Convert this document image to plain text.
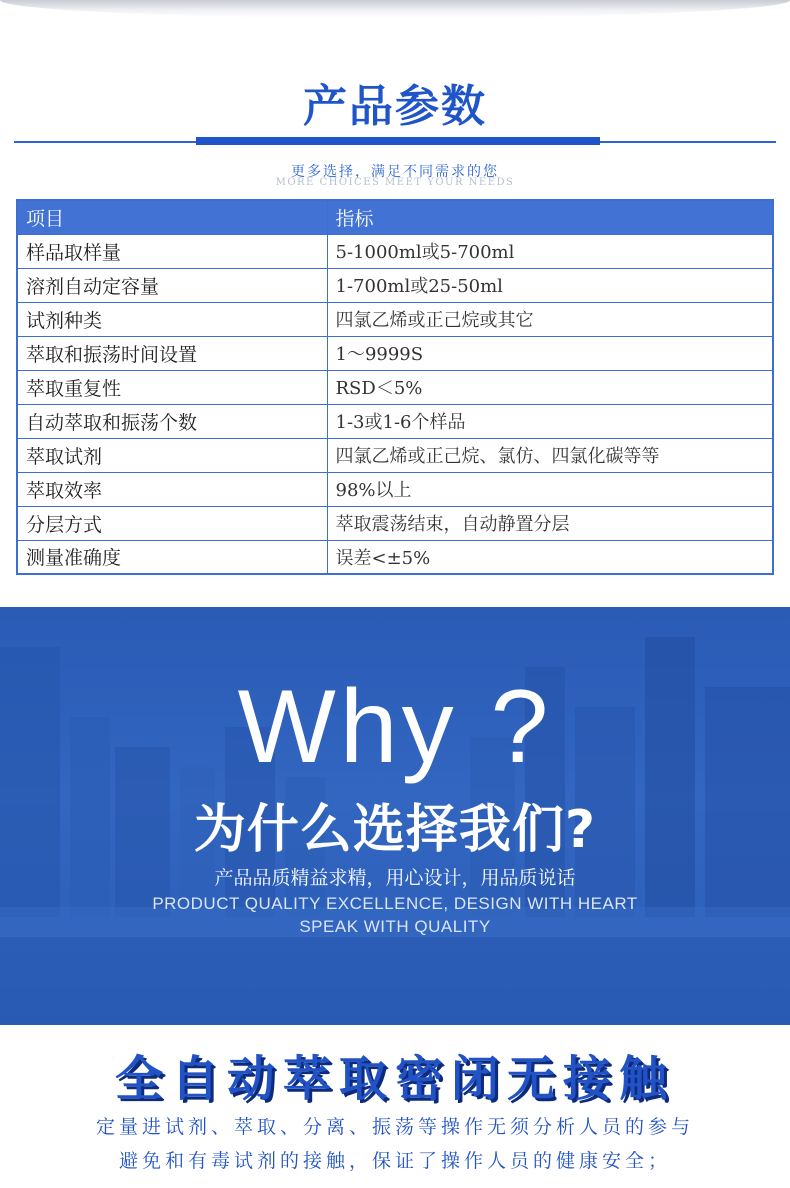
产品参数
更多选择，满足不同需求的您
MORE CHOICES MEET YOUR NEEDS
项目	指标
样品取样量	5-1000ml或5-700ml
溶剂自动定容量	1-700ml或25-50ml
试剂种类	四氯乙烯或正己烷或其它
萃取和振荡时间设置	1～9999S
萃取重复性	RSD＜5%
自动萃取和振荡个数	1-3或1-6个样品
萃取试剂	四氯乙烯或正己烷、氯仿、四氯化碳等等
萃取效率	98%以上
分层方式	萃取震荡结束，自动静置分层
测量准确度	误差<±5%
Why ?
为什么选择我们?
产品品质精益求精，用心设计，用品质说话
PRODUCT QUALITY EXCELLENCE, DESIGN WITH HEART
SPEAK WITH QUALITY
全自动萃取密闭无接触
定量进试剂、萃取、分离、振荡等操作无须分析人员的参与
避免和有毒试剂的接触，保证了操作人员的健康安全；
